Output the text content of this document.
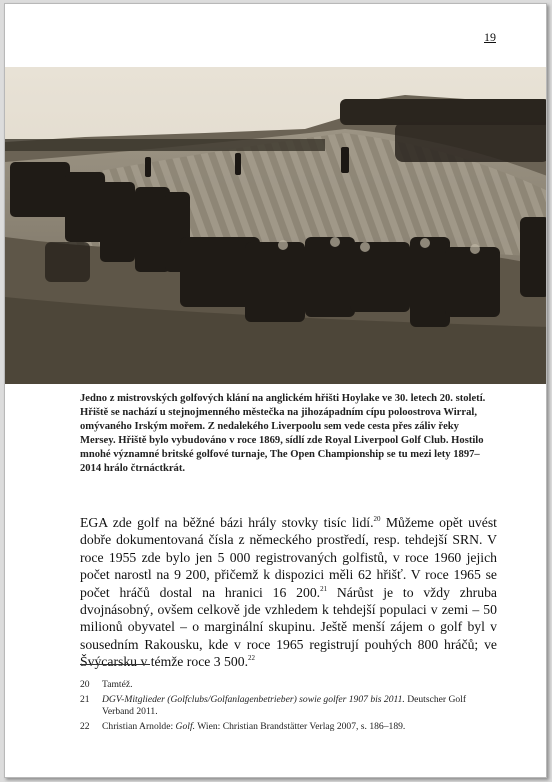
19
Jedno z mistrovských golfových klání na anglickém hřišti Hoylake ve 30. letech 20. století. Hřiště se nachází u stejnojmenného městečka na jihozápadním cípu poloostrova Wirral, omývaného Irským mořem. Z nedalekého Liverpoolu sem vede cesta přes záliv řeky Mersey. Hřiště bylo vybudováno v roce 1869, sídlí zde Royal Liverpool Golf Club. Hostilo mnohé významné britské golfové turnaje, The Open Championship se tu mezi lety 1897–2014 hrálo čtrnáctkrát.
EGA zde golf na běžné bázi hrály stovky tisíc lidí.$^{20}$ Můžeme opět uvést dobře dokumentovaná čísla z německého prostředí, resp. tehdejší SRN. V roce 1955 zde bylo jen 5 000 registrovaných golfistů, v roce 1960 jejich počet narostl na 9 200, přičemž k dispozici měli 62 hřišť. V roce 1965 se počet hráčů dostal na hranici 16 200.21 Nárůst je to vždy zhruba dvojnásobný, ovšem celkově jde vzhledem k tehdejší populaci v zemi – 50 milionů obyvatel – o marginální skupinu. Ještě menší zájem o golf byl v sousedním Rakousku, kde v roce 1965 registrují pouhých 800 hráčů; ve Švýcarsku v témže roce 3 500.22
20 Tamtéž.
21 DGV-Mitglieder (Golfclubs/Golfanlagenbetrieber) sowie golfer 1907 bis 2011. Deutscher Golf Verband 2011.
22 Christian Arnolde: Golf. Wien: Christian Brandstätter Verlag 2007, s. 186–189.
